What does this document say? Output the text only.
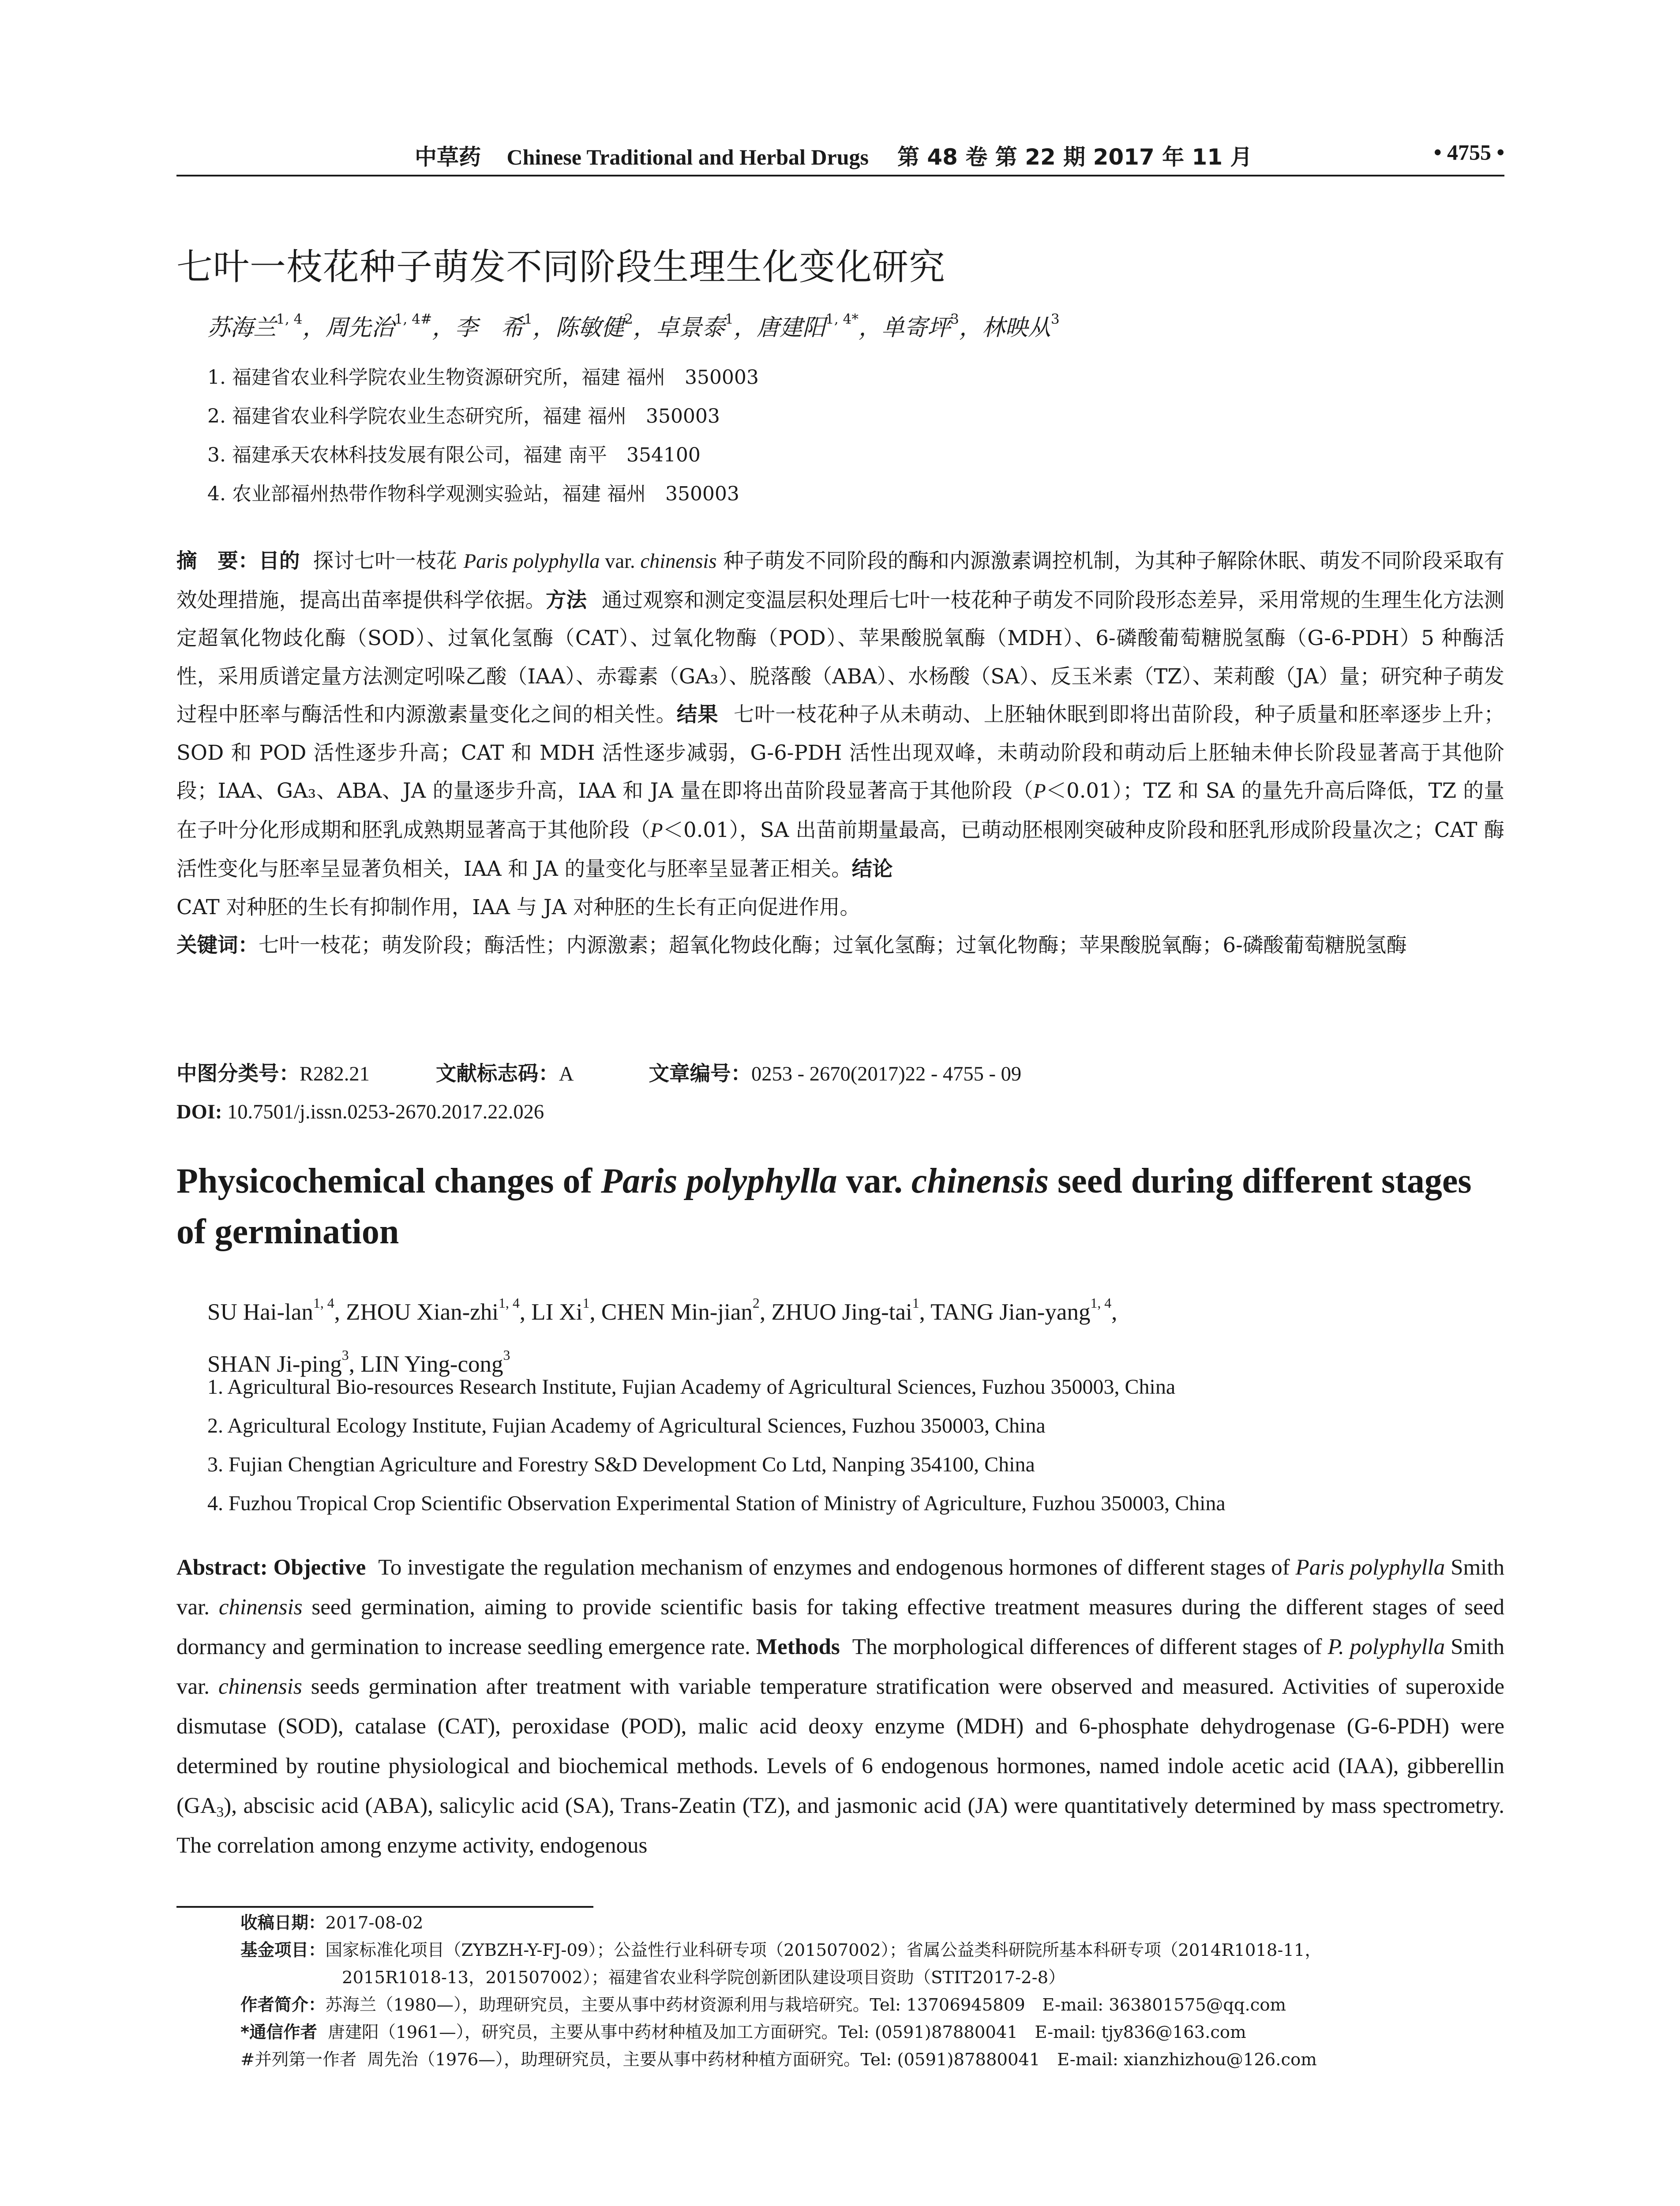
中草药 Chinese Traditional and Herbal Drugs 第 48 卷 第 22 期 2017 年 11 月	• 4755 •
七叶一枝花种子萌发不同阶段生理生化变化研究
苏海兰$^{1, 4}$，周先治$^{1, 4\#}$，李　希$^1$，陈敏健$^2$，卓景泰$^1$，唐建阳$^{1, 4*}$，单寄坪$^3$，林映从$^3$
1. 福建省农业科学院农业生物资源研究所，福建 福州　350003
2. 福建省农业科学院农业生态研究所，福建 福州　350003
3. 福建承天农林科技发展有限公司，福建 南平　354100
4. 农业部福州热带作物科学观测实验站，福建 福州　350003

摘　要：目的 探讨七叶一枝花 Paris polyphylla var. chinensis 种子萌发不同阶段的酶和内源激素调控机制，为其种子解除休眠、萌发不同阶段采取有效处理措施，提高出苗率提供科学依据。方法 通过观察和测定变温层积处理后七叶一枝花种子萌发不同阶段形态差异，采用常规的生理生化方法测定超氧化物歧化酶（SOD）、过氧化氢酶（CAT）、过氧化物酶（POD）、苹果酸脱氧酶（MDH）、6-磷酸葡萄糖脱氢酶（G-6-PDH）5 种酶活性，采用质谱定量方法测定吲哚乙酸（IAA）、赤霉素（GA₃）、脱落酸（ABA）、水杨酸（SA）、反玉米素（TZ）、茉莉酸（JA）量；研究种子萌发过程中胚率与酶活性和内源激素量变化之间的相关性。结果 七叶一枝花种子从未萌动、上胚轴休眠到即将出苗阶段，种子质量和胚率逐步上升；SOD 和 POD 活性逐步升高；CAT 和 MDH 活性逐步减弱，G-6-PDH 活性出现双峰，未萌动阶段和萌动后上胚轴未伸长阶段显著高于其他阶段；IAA、GA₃、ABA、JA 的量逐步升高，IAA 和 JA 量在即将出苗阶段显著高于其他阶段（P＜0.01）；TZ 和 SA 的量先升高后降低，TZ 的量在子叶分化形成期和胚乳成熟期显著高于其他阶段（P＜0.01），SA 出苗前期量最高，已萌动胚根刚突破种皮阶段和胚乳形成阶段量次之；CAT 酶活性变化与胚率呈显著负相关，IAA 和 JA 的量变化与胚率呈显著正相关。结论
CAT 对种胚的生长有抑制作用，IAA 与 JA 对种胚的生长有正向促进作用。

关键词：七叶一枝花；萌发阶段；酶活性；内源激素；超氧化物歧化酶；过氧化氢酶；过氧化物酶；苹果酸脱氧酶；6-磷酸葡萄糖脱氢酶

中图分类号：R282.21	文献标志码：A	文章编号：0253 - 2670(2017)22 - 4755 - 09
DOI: 10.7501/j.issn.0253-2670.2017.22.026
Physicochemical changes of Paris polyphylla var. chinensis seed during different stages of germination
SU Hai-lan$^{1, 4}$, ZHOU Xian-zhi$^{1, 4}$, LI Xi$^1$, CHEN Min-jian$^2$, ZHUO Jing-tai$^1$, TANG Jian-yang$^{1, 4}$,
SHAN Ji-ping$^3$, LIN Ying-cong$^3$
1. Agricultural Bio-resources Research Institute, Fujian Academy of Agricultural Sciences, Fuzhou 350003, China
2. Agricultural Ecology Institute, Fujian Academy of Agricultural Sciences, Fuzhou 350003, China
3. Fujian Chengtian Agriculture and Forestry S&D Development Co Ltd, Nanping 354100, China
4. Fuzhou Tropical Crop Scientific Observation Experimental Station of Ministry of Agriculture, Fuzhou 350003, China

Abstract: Objective To investigate the regulation mechanism of enzymes and endogenous hormones of different stages of Paris polyphylla Smith var. chinensis seed germination, aiming to provide scientific basis for taking effective treatment measures during the different stages of seed dormancy and germination to increase seedling emergence rate. Methods The morphological differences of different stages of P. polyphylla Smith var. chinensis seeds germination after treatment with variable temperature stratification were observed and measured. Activities of superoxide dismutase (SOD), catalase (CAT), peroxidase (POD), malic acid deoxy enzyme (MDH) and 6-phosphate dehydrogenase (G-6-PDH) were determined by routine physiological and biochemical methods. Levels of 6 endogenous hormones, named indole acetic acid (IAA), gibberellin $(GA_3)$, abscisic acid (ABA), salicylic acid (SA), Trans-Zeatin (TZ), and jasmonic acid (JA) were quantitatively determined by mass spectrometry. The correlation among enzyme activity, endogenous

收稿日期：2017-08-02
基金项目：国家标准化项目（ZYBZH-Y-FJ-09）；公益性行业科研专项（201507002）；省属公益类科研院所基本科研专项（2014R1018-11，
2015R1018-13，201507002）；福建省农业科学院创新团队建设项目资助（STIT2017-2-8）
作者简介：苏海兰（1980—），助理研究员，主要从事中药材资源利用与栽培研究。Tel: 13706945809　E-mail: 363801575@qq.com
*通信作者 唐建阳（1961—），研究员，主要从事中药材种植及加工方面研究。Tel: (0591)87880041　E-mail: tjy836@163.com
#并列第一作者 周先治（1976—），助理研究员，主要从事中药材种植方面研究。Tel: (0591)87880041　E-mail: xianzhizhou@126.com
